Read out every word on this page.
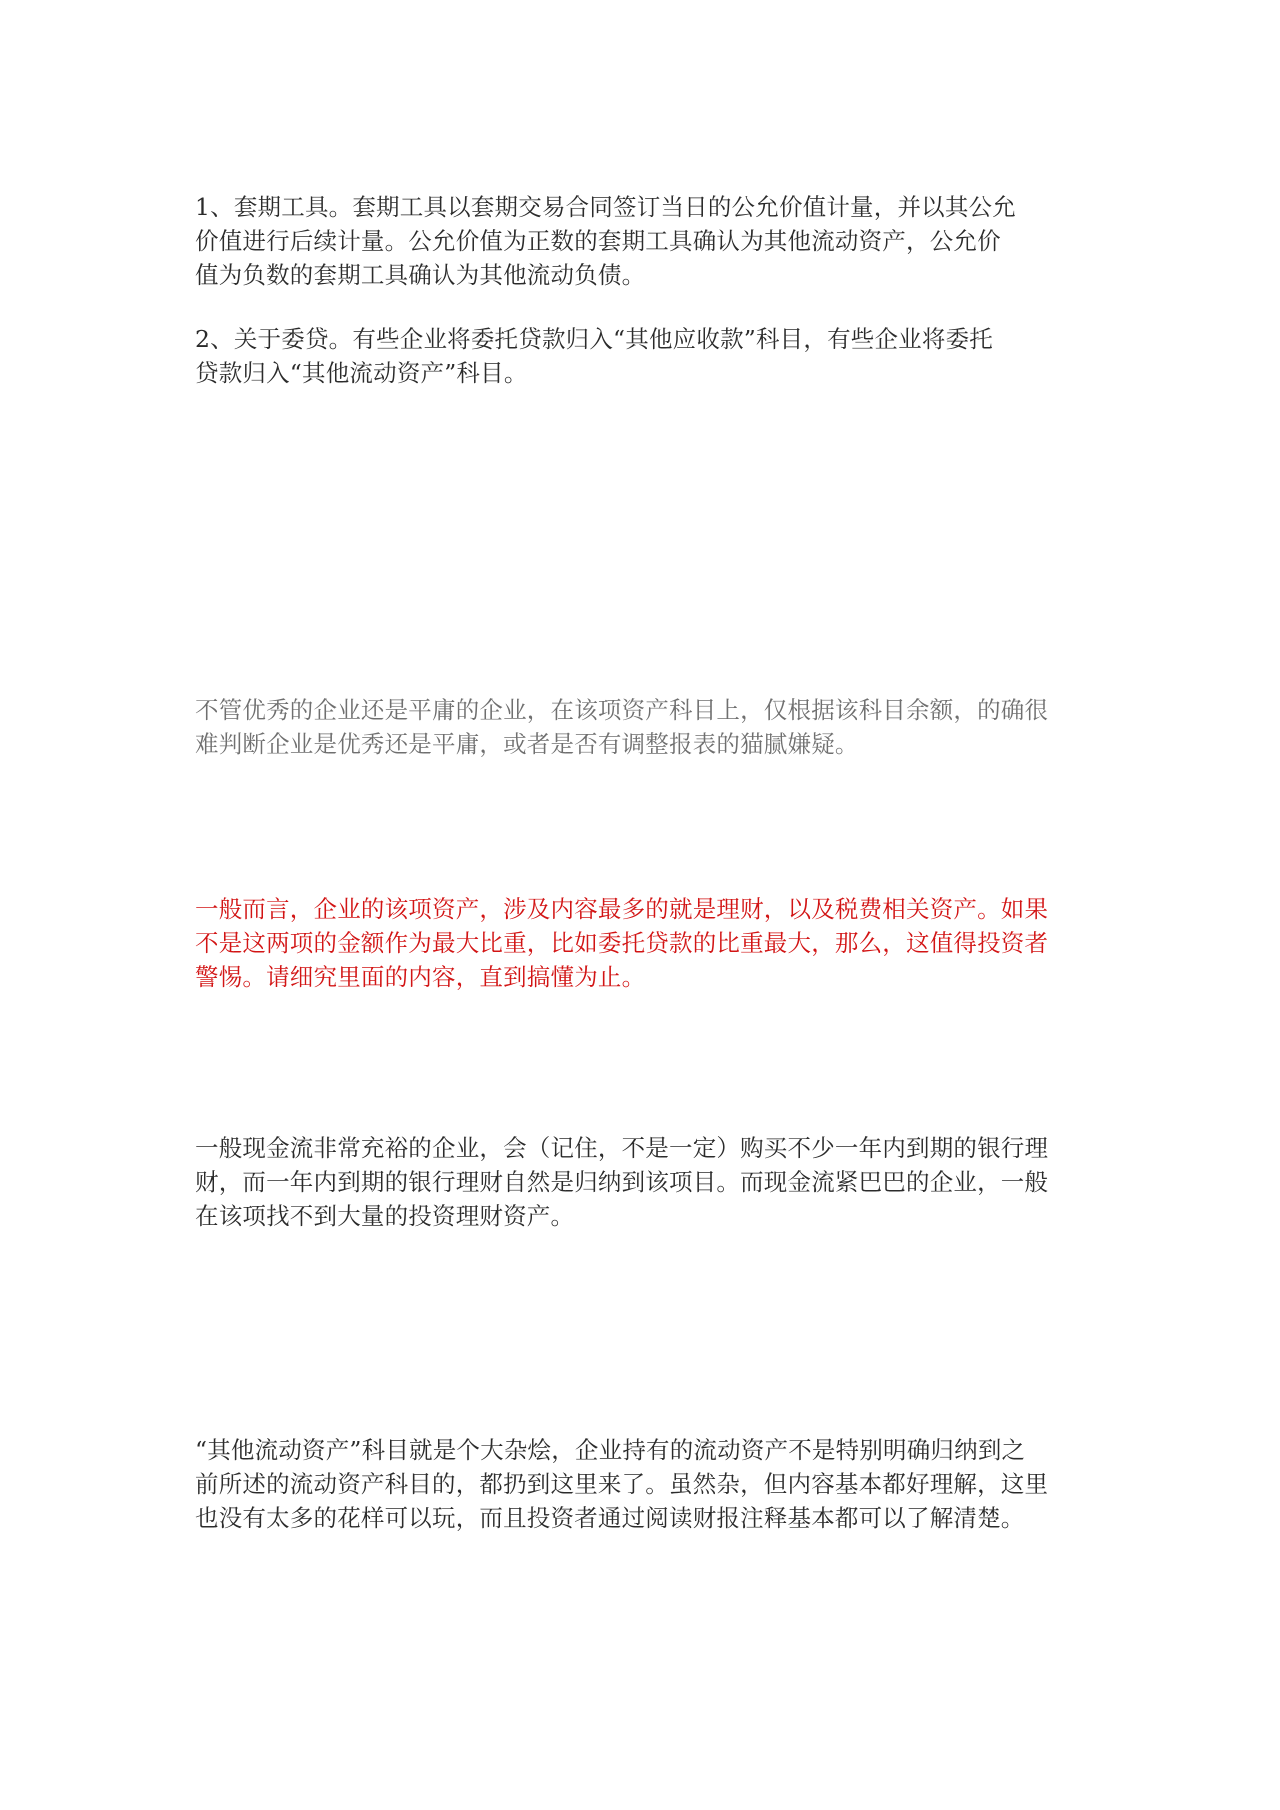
1、套期工具。套期工具以套期交易合同签订当日的公允价值计量，并以其公允
价值进行后续计量。公允价值为正数的套期工具确认为其他流动资产，公允价
值为负数的套期工具确认为其他流动负债。
2、关于委贷。有些企业将委托贷款归入“其他应收款”科目，有些企业将委托
贷款归入“其他流动资产”科目。
不管优秀的企业还是平庸的企业，在该项资产科目上，仅根据该科目余额，的确很
难判断企业是优秀还是平庸，或者是否有调整报表的猫腻嫌疑。
一般而言，企业的该项资产，涉及内容最多的就是理财，以及税费相关资产。如果
不是这两项的金额作为最大比重，比如委托贷款的比重最大，那么，这值得投资者
警惕。请细究里面的内容，直到搞懂为止。
一般现金流非常充裕的企业，会（记住，不是一定）购买不少一年内到期的银行理
财，而一年内到期的银行理财自然是归纳到该项目。而现金流紧巴巴的企业，一般
在该项找不到大量的投资理财资产。
“其他流动资产”科目就是个大杂烩，企业持有的流动资产不是特别明确归纳到之
前所述的流动资产科目的，都扔到这里来了。虽然杂，但内容基本都好理解，这里
也没有太多的花样可以玩，而且投资者通过阅读财报注释基本都可以了解清楚。
